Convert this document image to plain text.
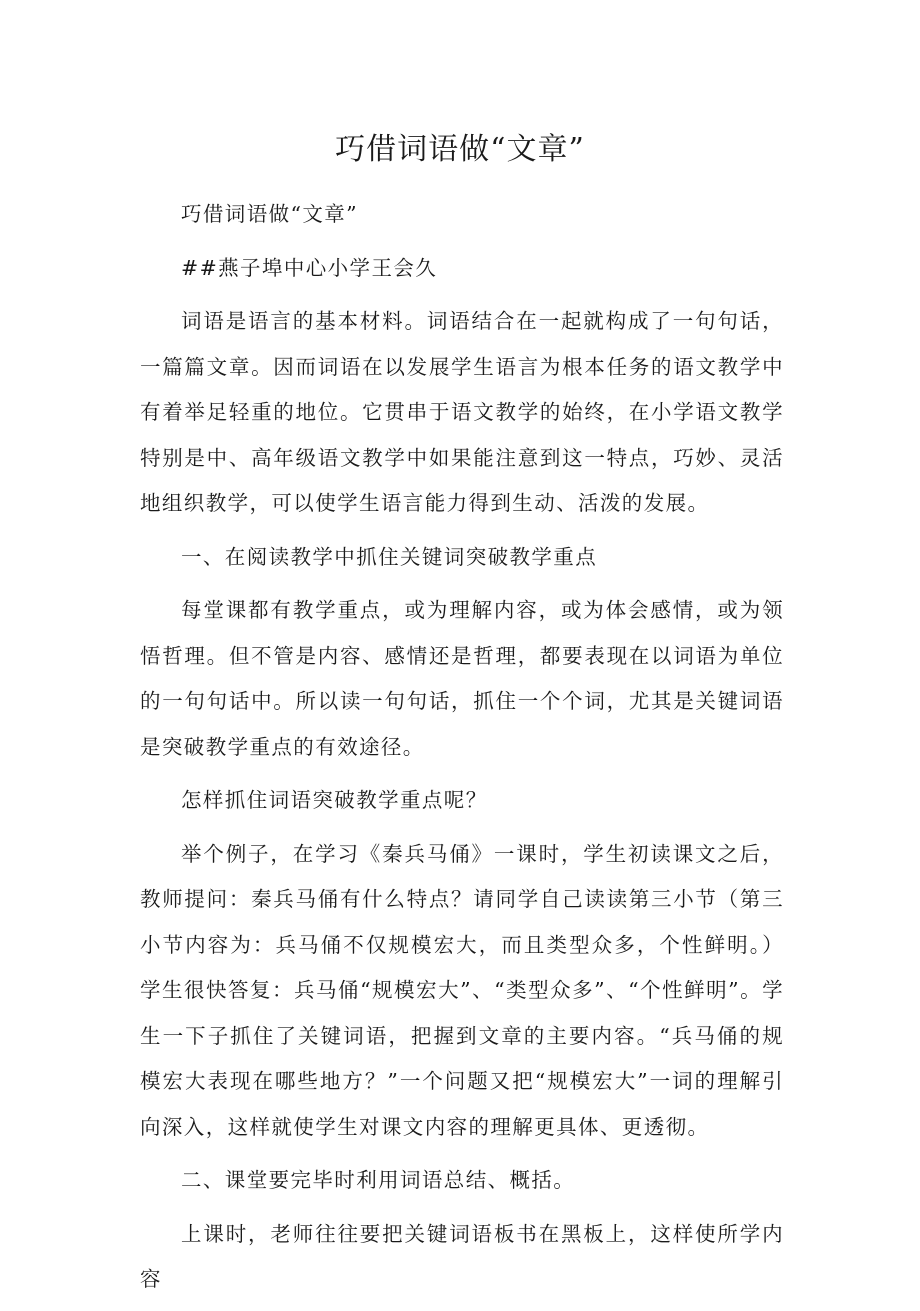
巧借词语做“文章”

巧借词语做“文章”

##燕子埠中心小学王会久

词语是语言的基本材料。词语结合在一起就构成了一句句话，一篇篇文章。因而词语在以发展学生语言为根本任务的语文教学中有着举足轻重的地位。它贯串于语文教学的始终，在小学语文教学特别是中、高年级语文教学中如果能注意到这一特点，巧妙、灵活地组织教学，可以使学生语言能力得到生动、活泼的发展。

一、在阅读教学中抓住关键词突破教学重点

每堂课都有教学重点，或为理解内容，或为体会感情，或为领悟哲理。但不管是内容、感情还是哲理，都要表现在以词语为单位的一句句话中。所以读一句句话，抓住一个个词，尤其是关键词语是突破教学重点的有效途径。

怎样抓住词语突破教学重点呢？

举个例子，在学习《秦兵马俑》一课时，学生初读课文之后，教师提问：秦兵马俑有什么特点？请同学自己读读第三小节（第三小节内容为：兵马俑不仅规模宏大，而且类型众多，个性鲜明。）学生很快答复：兵马俑“规模宏大”、“类型众多”、“个性鲜明”。学生一下子抓住了关键词语，把握到文章的主要内容。“兵马俑的规模宏大表现在哪些地方？”一个问题又把“规模宏大”一词的理解引向深入，这样就使学生对课文内容的理解更具体、更透彻。

二、课堂要完毕时利用词语总结、概括。

上课时，老师往往要把关键词语板书在黑板上，这样使所学内容
